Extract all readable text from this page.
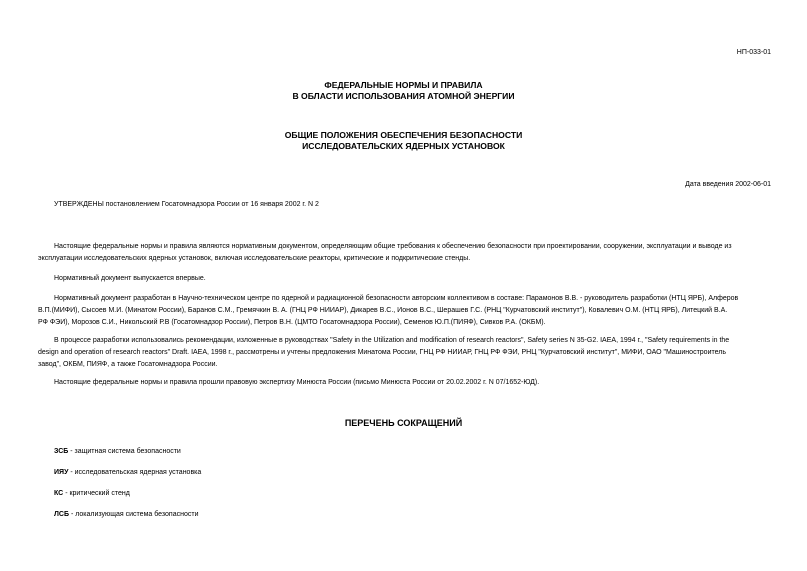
НП-033-01
ФЕДЕРАЛЬНЫЕ НОРМЫ И ПРАВИЛА
В ОБЛАСТИ ИСПОЛЬЗОВАНИЯ АТОМНОЙ ЭНЕРГИИ
ОБЩИЕ ПОЛОЖЕНИЯ ОБЕСПЕЧЕНИЯ БЕЗОПАСНОСТИ
ИССЛЕДОВАТЕЛЬСКИХ ЯДЕРНЫХ УСТАНОВОК
Дата введения 2002-06-01
УТВЕРЖДЕНЫ постановлением Госатомнадзора России от 16 января 2002 г. N 2
Настоящие федеральные нормы и правила являются нормативным документом, определяющим общие требования к обеспечению безопасности при проектировании, сооружении, эксплуатации и выводе из
эксплуатации исследовательских ядерных установок, включая исследовательские реакторы, критические и подкритические стенды.
Нормативный документ выпускается впервые.
Нормативный документ разработан в Научно-техническом центре по ядерной и радиационной безопасности авторским коллективом в составе: Парамонов В.В. - руководитель разработки (НТЦ ЯРБ), Алферов
В.П.(МИФИ), Сысоев М.И. (Минатом России), Баранов С.М., Гремячкин В. А. (ГНЦ РФ НИИАР), Дикарев В.С., Ионов В.С., Шерашев Г.С. (РНЦ "Курчатовский институт"), Ковалевич О.М. (НТЦ ЯРБ), Литецкий В.А.
РФ ФЭИ), Морозов С.И., Никольский Р.В (Госатомнадзор России), Петров В.Н. (ЦМТО Госатомнадзора России), Семенов Ю.П.(ПИЯФ), Сивков Р.А. (ОКБМ).
В процессе разработки использовались рекомендации, изложенные в руководствах "Safety in the Utilization and modification of research reactors", Safety series N 35-G2. IAEA, 1994 г., "Safety requirements in the
design and operation of research reactors" Draft. IAEA, 1998 г., рассмотрены и учтены предложения Минатома России, ГНЦ РФ НИИАР, ГНЦ РФ ФЭИ, РНЦ "Курчатовский институт", МИФИ, ОАО "Машиностроитель
завод", ОКБМ, ПИЯФ, а также Госатомнадзора России.
Настоящие федеральные нормы и правила прошли правовую экспертизу Минюста России (письмо Минюста России от 20.02.2002 г. N 07/1652-ЮД).
ПЕРЕЧЕНЬ СОКРАЩЕНИЙ
ЗСБ - защитная система безопасности
ИЯУ - исследовательская ядерная установка
КС - критический стенд
ЛСБ - локализующая система безопасности
